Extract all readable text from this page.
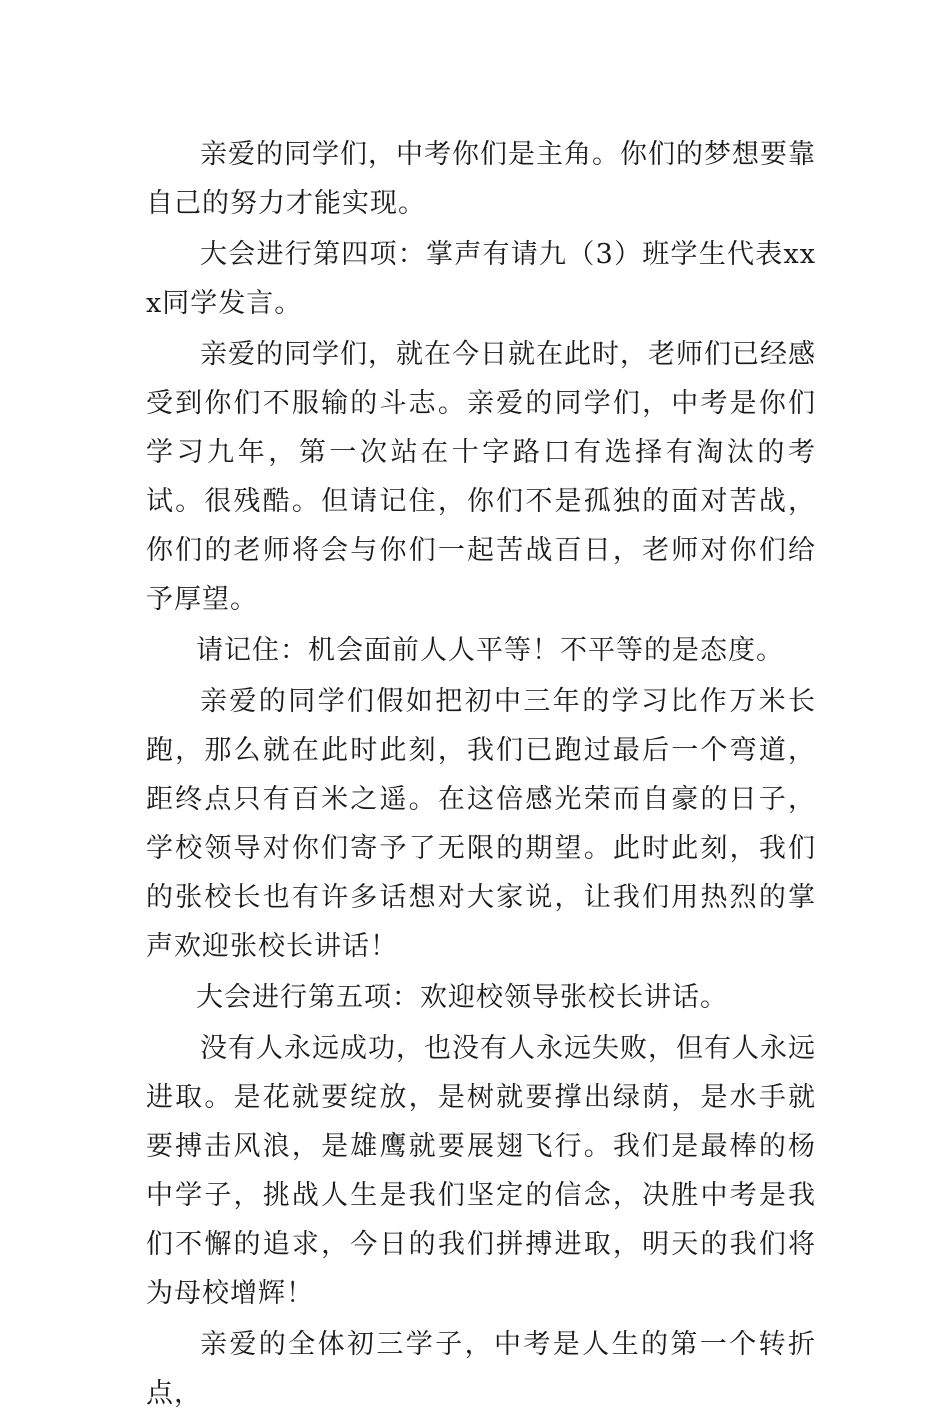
亲爱的同学们，中考你们是主角。你们的梦想要靠自己的努力才能实现。

大会进行第四项：掌声有请九（3）班学生代表xxx同学发言。

亲爱的同学们，就在今日就在此时，老师们已经感受到你们不服输的斗志。亲爱的同学们，中考是你们学习九年，第一次站在十字路口有选择有淘汰的考试。很残酷。但请记住，你们不是孤独的面对苦战，你们的老师将会与你们一起苦战百日，老师对你们给予厚望。

请记住：机会面前人人平等！不平等的是态度。

亲爱的同学们假如把初中三年的学习比作万米长跑，那么就在此时此刻，我们已跑过最后一个弯道，距终点只有百米之遥。在这倍感光荣而自豪的日子，学校领导对你们寄予了无限的期望。此时此刻，我们的张校长也有许多话想对大家说，让我们用热烈的掌声欢迎张校长讲话！

大会进行第五项：欢迎校领导张校长讲话。

没有人永远成功，也没有人永远失败，但有人永远进取。是花就要绽放，是树就要撑出绿荫，是水手就要搏击风浪，是雄鹰就要展翅飞行。我们是最棒的杨中学子，挑战人生是我们坚定的信念，决胜中考是我们不懈的追求，今日的我们拼搏进取，明天的我们将为母校增辉！

亲爱的全体初三学子，中考是人生的第一个转折点，
